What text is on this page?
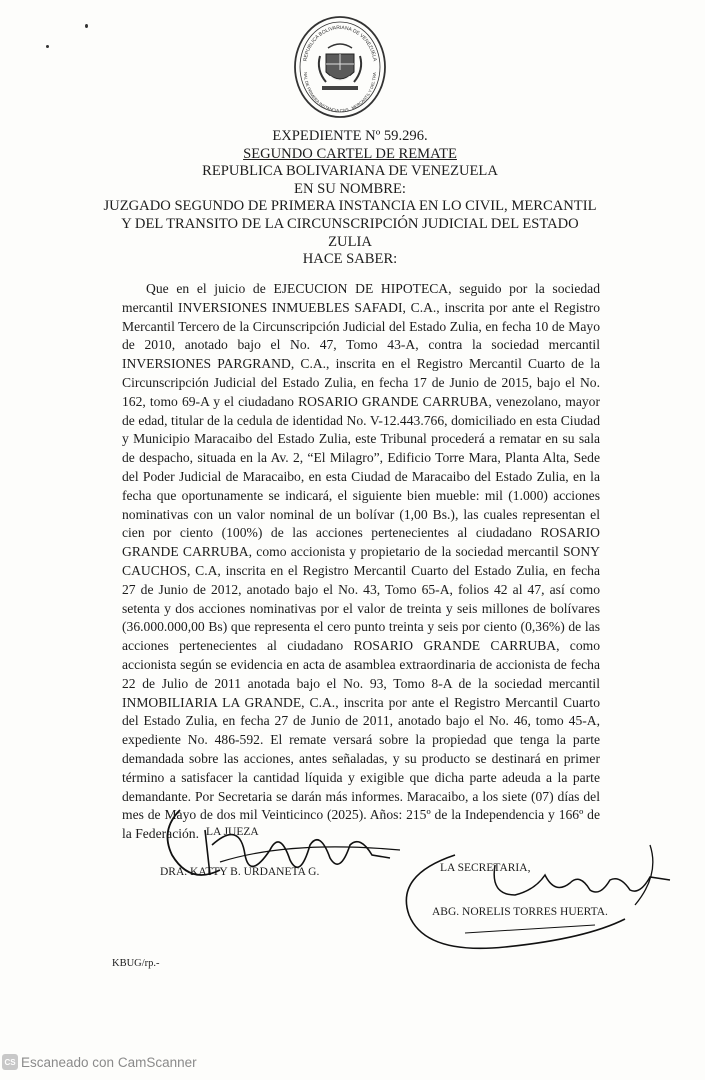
REPUBLICA BOLIVARIANA DE VENEZUELA
NAL DE PRIMERA INSTANCIA CIVIL, MERCANTIL Y DEL TRA
EXPEDIENTE Nº 59.296.
SEGUNDO CARTEL DE REMATE
REPUBLICA BOLIVARIANA DE VENEZUELA
EN SU NOMBRE:
JUZGADO SEGUNDO DE PRIMERA INSTANCIA EN LO CIVIL, MERCANTIL
Y DEL TRANSITO DE LA CIRCUNSCRIPCIÓN JUDICIAL DEL ESTADO
ZULIA
HACE SABER:
Que en el juicio de EJECUCION DE HIPOTECA, seguido por la sociedad mercantil INVERSIONES INMUEBLES SAFADI, C.A., inscrita por ante el Registro Mercantil Tercero de la Circunscripción Judicial del Estado Zulia, en fecha 10 de Mayo de 2010, anotado bajo el No. 47, Tomo 43-A, contra la sociedad mercantil INVERSIONES PARGRAND, C.A., inscrita en el Registro Mercantil Cuarto de la Circunscripción Judicial del Estado Zulia, en fecha 17 de Junio de 2015, bajo el No. 162, tomo 69-A y el ciudadano ROSARIO GRANDE CARRUBA, venezolano, mayor de edad, titular de la cedula de identidad No. V-12.443.766, domiciliado en esta Ciudad y Municipio Maracaibo del Estado Zulia, este Tribunal procederá a rematar en su sala de despacho, situada en la Av. 2, “El Milagro”, Edificio Torre Mara, Planta Alta, Sede del Poder Judicial de Maracaibo, en esta Ciudad de Maracaibo del Estado Zulia, en la fecha que oportunamente se indicará, el siguiente bien mueble: mil (1.000) acciones nominativas con un valor nominal de un bolívar (1,00 Bs.), las cuales representan el cien por ciento (100%) de las acciones pertenecientes al ciudadano ROSARIO GRANDE CARRUBA, como accionista y propietario de la sociedad mercantil SONY CAUCHOS, C.A, inscrita en el Registro Mercantil Cuarto del Estado Zulia, en fecha 27 de Junio de 2012, anotado bajo el No. 43, Tomo 65-A, folios 42 al 47, así como setenta y dos acciones nominativas por el valor de treinta y seis millones de bolívares (36.000.000,00 Bs) que representa el cero punto treinta y seis por ciento (0,36%) de las acciones pertenecientes al ciudadano ROSARIO GRANDE CARRUBA, como accionista según se evidencia en acta de asamblea extraordinaria de accionista de fecha 22 de Julio de 2011 anotada bajo el No. 93, Tomo 8-A de la sociedad mercantil INMOBILIARIA LA GRANDE, C.A., inscrita por ante el Registro Mercantil Cuarto del Estado Zulia, en fecha 27 de Junio de 2011, anotado bajo el No. 46, tomo 45-A, expediente No. 486-592. El remate versará sobre la propiedad que tenga la parte demandada sobre las acciones, antes señaladas, y su producto se destinará en primer término a satisfacer la cantidad líquida y exigible que dicha parte adeuda a la parte demandante. Por Secretaria se darán más informes. Maracaibo, a los siete (07) días del mes de Mayo de dos mil Veinticinco (2025). Años: 215º de la Independencia y 166º de la Federación. LA JUEZA
DRA. KATTY B. URDANETA G.	LA SECRETARIA,
ABG. NORELIS TORRES HUERTA.
KBUG/rp.-
CS Escaneado con CamScanner
